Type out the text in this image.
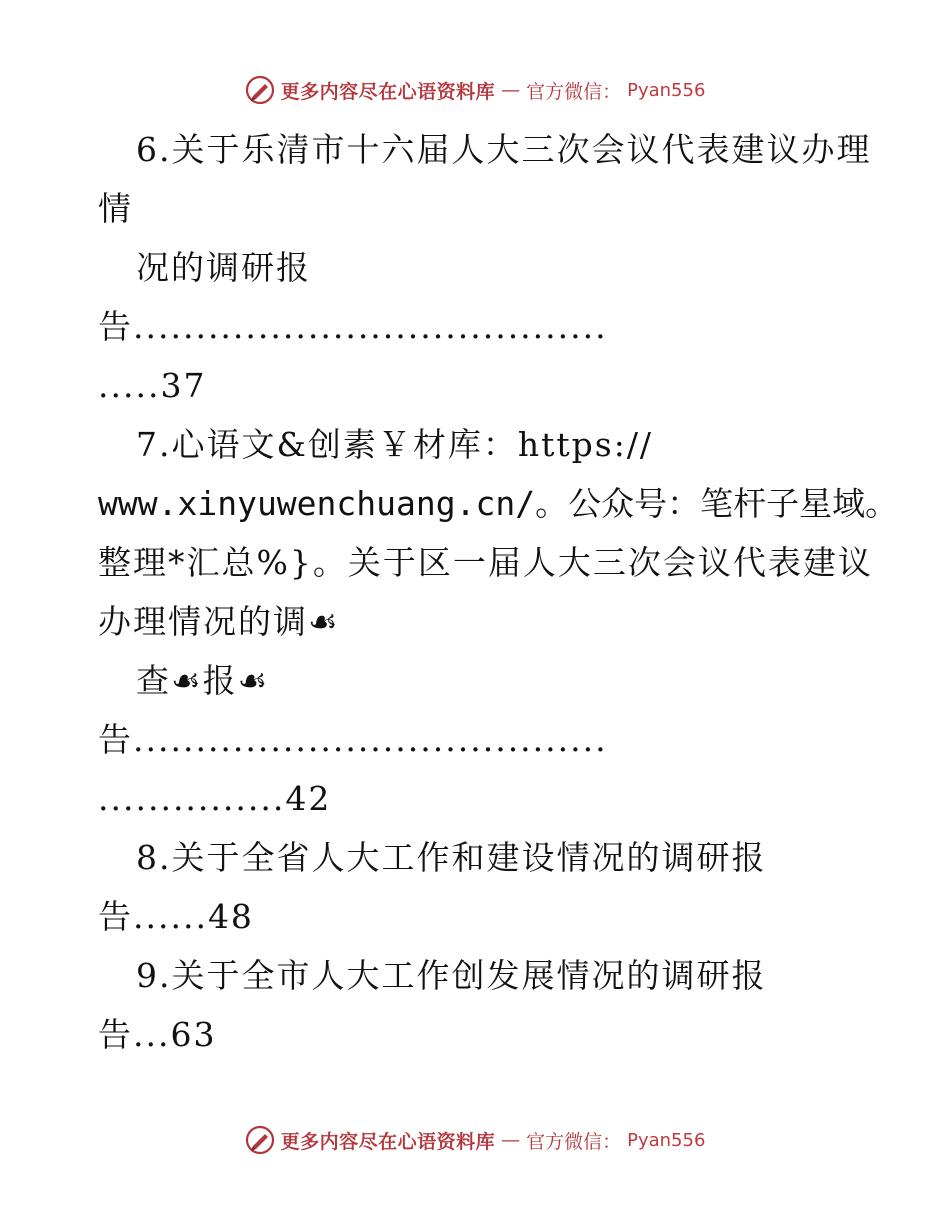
更多内容尽在心语资料库 — 官方微信： Pyan556
6.关于乐清市十六届人大三次会议代表建议办理
情
况的调研报
告......................................
.....37
7.心语文&创素￥材库：https://
www.xinyuwenchuang.cn/。公众号：笔杆子星域。
整理*汇总%}。关于区一届人大三次会议代表建议
办理情况的调☙
查☙报☙
告......................................
...............42
8.关于全省人大工作和建设情况的调研报
告......48
9.关于全市人大工作创发展情况的调研报
告...63
更多内容尽在心语资料库 — 官方微信： Pyan556
